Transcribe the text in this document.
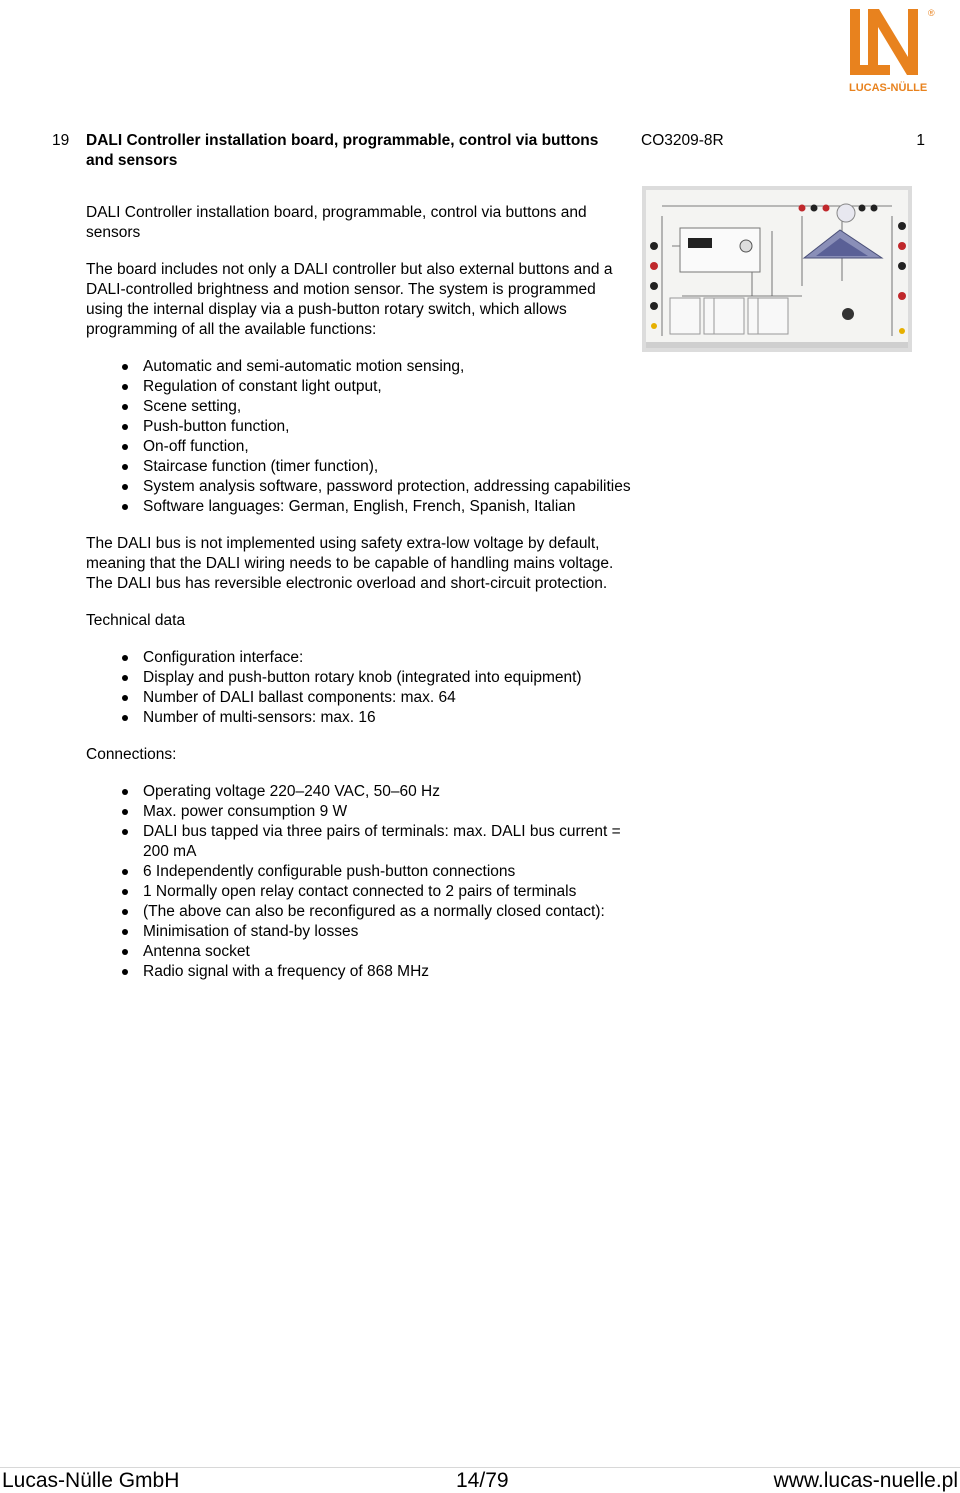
®
LUCAS-NÜLLE
19 DALI Controller installation board, programmable, control via buttons and sensors
CO3209-8R	1

DALI Controller installation board, programmable, control via buttons and sensors

The board includes not only a DALI controller but also external buttons and a DALI-controlled brightness and motion sensor. The system is programmed using the internal display via a push-button rotary switch, which allows programming of all the available functions:

Automatic and semi-automatic motion sensing,
Regulation of constant light output,
Scene setting,
Push-button function,
On-off function,
Staircase function (timer function),
System analysis software, password protection, addressing capabilities
Software languages: German, English, French, Spanish, Italian

The DALI bus is not implemented using safety extra-low voltage by default, meaning that the DALI wiring needs to be capable of handling mains voltage. The DALI bus has reversible electronic overload and short-circuit protection.

Technical data

Configuration interface:
Display and push-button rotary knob (integrated into equipment)
Number of DALI ballast components: max. 64
Number of multi-sensors: max. 16

Connections:

Operating voltage 220–240 VAC, 50–60 Hz
Max. power consumption 9 W
DALI bus tapped via three pairs of terminals: max. DALI bus current = 200 mA
6 Independently configurable push-button connections
1 Normally open relay contact connected to 2 pairs of terminals
(The above can also be reconfigured as a normally closed contact):
Minimisation of stand-by losses
Antenna socket
Radio signal with a frequency of 868 MHz
Lucas-Nülle GmbH	14/79	www.lucas-nuelle.pl
